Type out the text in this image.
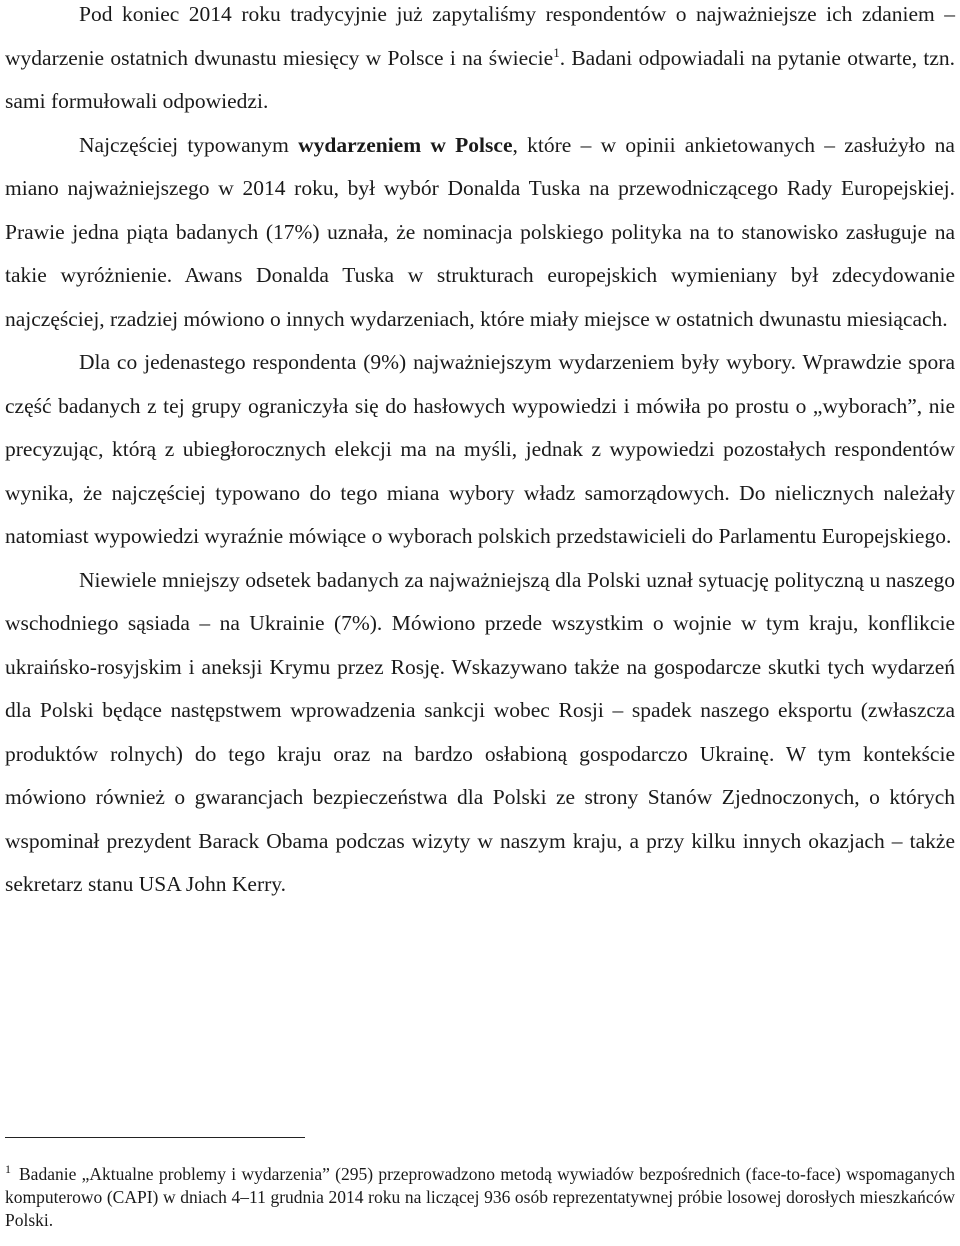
Pod koniec 2014 roku tradycyjnie już zapytaliśmy respondentów o najważniejsze ich zdaniem – wydarzenie ostatnich dwunastu miesięcy w Polsce i na świecie$^1$. Badani odpowiadali na pytanie otwarte, tzn. sami formułowali odpowiedzi.

Najczęściej typowanym wydarzeniem w Polsce, które – w opinii ankietowanych – zasłużyło na miano najważniejszego w 2014 roku, był wybór Donalda Tuska na przewodniczącego Rady Europejskiej. Prawie jedna piąta badanych (17%) uznała, że nominacja polskiego polityka na to stanowisko zasługuje na takie wyróżnienie. Awans Donalda Tuska w strukturach europejskich wymieniany był zdecydowanie najczęściej, rzadziej mówiono o innych wydarzeniach, które miały miejsce w ostatnich dwunastu miesiącach.

Dla co jedenastego respondenta (9%) najważniejszym wydarzeniem były wybory. Wprawdzie spora część badanych z tej grupy ograniczyła się do hasłowych wypowiedzi i mówiła po prostu o „wyborach”, nie precyzując, którą z ubiegłorocznych elekcji ma na myśli, jednak z wypowiedzi pozostałych respondentów wynika, że najczęściej typowano do tego miana wybory władz samorządowych. Do nielicznych należały natomiast wypowiedzi wyraźnie mówiące o wyborach polskich przedstawicieli do Parlamentu Europejskiego.

Niewiele mniejszy odsetek badanych za najważniejszą dla Polski uznał sytuację polityczną u naszego wschodniego sąsiada – na Ukrainie (7%). Mówiono przede wszystkim o wojnie w tym kraju, konflikcie ukraińsko-rosyjskim i aneksji Krymu przez Rosję. Wskazywano także na gospodarcze skutki tych wydarzeń dla Polski będące następstwem wprowadzenia sankcji wobec Rosji – spadek naszego eksportu (zwłaszcza produktów rolnych) do tego kraju oraz na bardzo osłabioną gospodarczo Ukrainę. W tym kontekście mówiono również o gwarancjach bezpieczeństwa dla Polski ze strony Stanów Zjednoczonych, o których wspominał prezydent Barack Obama podczas wizyty w naszym kraju, a przy kilku innych okazjach – także sekretarz stanu USA John Kerry.

$^1$ Badanie „Aktualne problemy i wydarzenia” (295) przeprowadzono metodą wywiadów bezpośrednich (face-to-face) wspomaganych komputerowo (CAPI) w dniach 4–11 grudnia 2014 roku na liczącej 936 osób reprezentatywnej próbie losowej dorosłych mieszkańców Polski.
